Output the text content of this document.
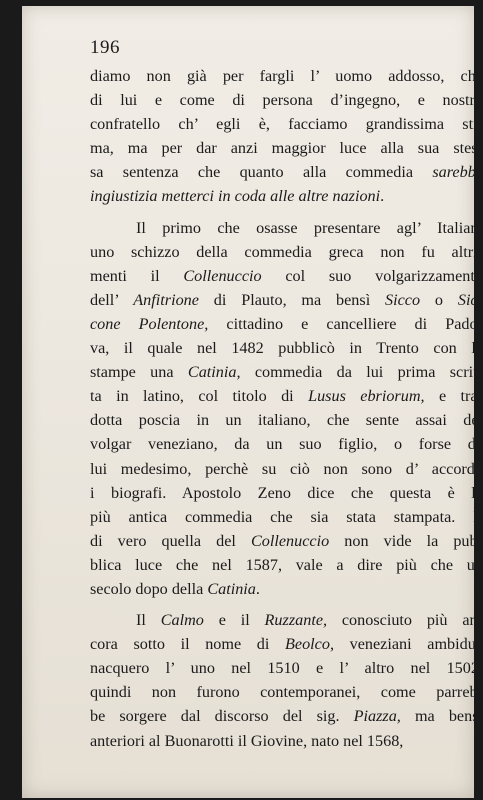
196
diamo non già per fargli l’ uomo addosso, che
di lui e come di persona d’ingegno, e nostro
confratello ch’ egli è, facciamo grandissima sti-
ma, ma per dar anzi maggior luce alla sua stes-
sa sentenza che quanto alla commedia sarebbe
ingiustizia metterci in coda alle altre nazioni.
Il primo che osasse presentare agl’ Italiani
uno schizzo della commedia greca non fu altri-
menti il Collenuccio col suo volgarizzamento
dell’ Anfitrione di Plauto, ma bensì Sicco o Sic-
cone Polentone, cittadino e cancelliere di Pado-
va, il quale nel 1482 pubblicò in Trento con le
stampe una Catinia, commedia da lui prima scrit-
ta in latino, col titolo di Lusus ebriorum, e tra-
dotta poscia in un italiano, che sente assai del
volgar veneziano, da un suo figlio, o forse da
lui medesimo, perchè su ciò non sono d’ accordo
i biografi. Apostolo Zeno dice che questa è la
più antica commedia che sia stata stampata. E
di vero quella del Collenuccio non vide la pub-
blica luce che nel 1587, vale a dire più che un
secolo dopo della Catinia.
Il Calmo e il Ruzzante, conosciuto più an-
cora sotto il nome di Beolco, veneziani ambidue
nacquero l’ uno nel 1510 e l’ altro nel 1502,
quindi non furono contemporanei, come parreb-
be sorgere dal discorso del sig. Piazza, ma bensì
anteriori al Buonarotti il Giovine, nato nel 1568,
